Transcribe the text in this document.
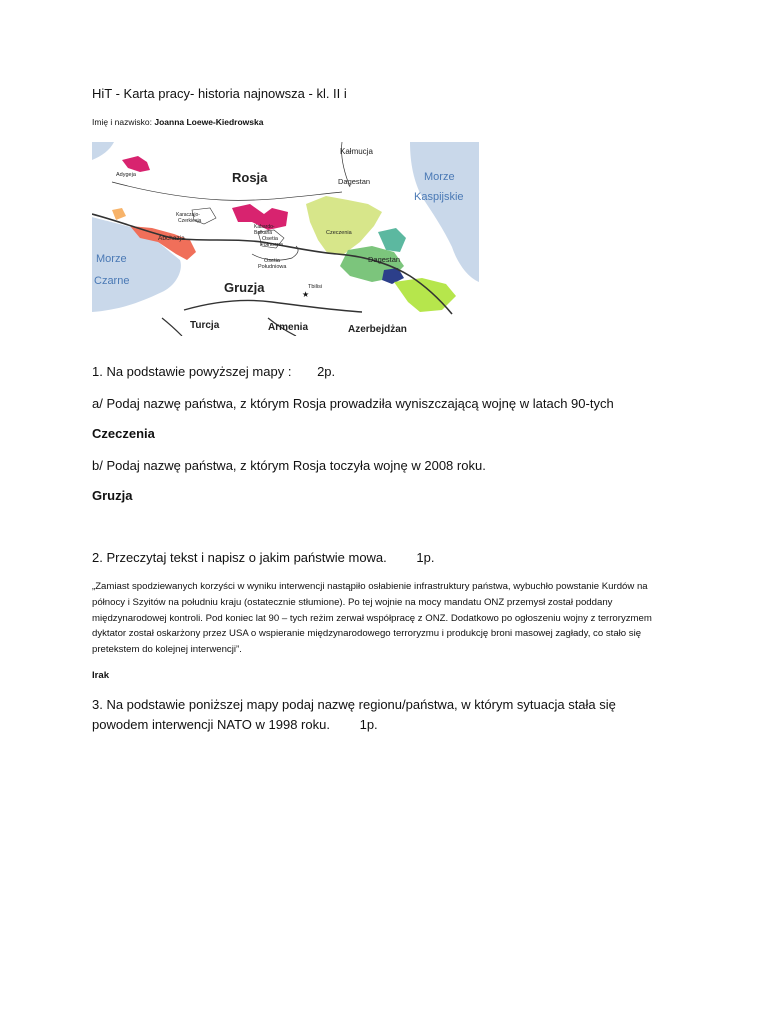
HiT - Karta pracy- historia najnowsza - kl. II i
Imię i nazwisko: Joanna Loewe-Kiedrowska
★
Kałmucja
Rosja
Adygeja
Dagestan	Morze
Kaspijskie
Karaczajo-
Czerkiesja
Kabardo-
Bałkaria
Abchazja
Czeczenia
Osetia
Północna
Dagestan
Morze
Czarne
Osetia
Południowa
Gruzja	Tbilisi
Turcja	Armenia	Azerbejdżan
1. Na podstawie powyższej mapy : 2p.
a/ Podaj nazwę państwa, z którym Rosja prowadziła wyniszczającą wojnę w latach 90-tych
Czeczenia
b/ Podaj nazwę państwa, z którym Rosja toczyła wojnę w 2008 roku.
Gruzja
2. Przeczytaj tekst i napisz o jakim państwie mowa. 1p.
„Zamiast spodziewanych korzyści w wyniku interwencji nastąpiło osłabienie infrastruktury państwa, wybuchło powstanie Kurdów na północy i Szyitów na południu kraju (ostatecznie stłumione). Po tej wojnie na mocy mandatu ONZ przemysł został poddany międzynarodowej kontroli. Pod koniec lat 90 – tych reżim zerwał współpracę z ONZ. Dodatkowo po ogłoszeniu wojny z terroryzmem dyktator został oskarżony przez USA o wspieranie międzynarodowego terroryzmu i produkcję broni masowej zagłady, co stało się pretekstem do kolejnej interwencji”.
Irak
3. Na podstawie poniższej mapy podaj nazwę regionu/państwa, w którym sytuacja stała się powodem interwencji NATO w 1998 roku. 1p.
